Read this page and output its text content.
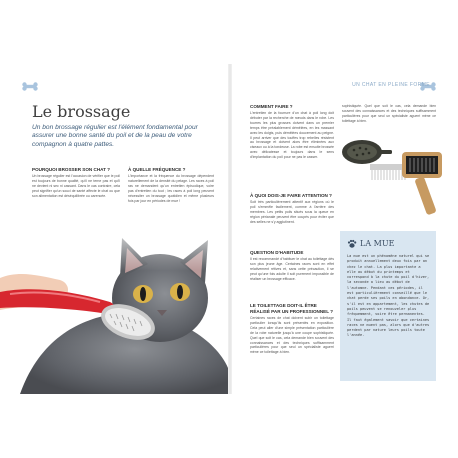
UN CHAT EN PLEINE FORME
Le brossage

Un bon brossage régulier est l'élément fondamental pour assurer une bonne santé du poil et de la peau de votre compagnon à quatre pattes.

POURQUOI BROSSER SON CHAT ?

Un brossage régulier est l'occasion de vérifier que le poil est toujours de bonne qualité, qu'il ne terne pas et qu'il ne devient ni sec ni cassant. Dans le cas contraire, cela peut signifier qu'un souci de santé affecte le chat ou que son alimentation est déséquilibrée ou carencée.

À QUELLE FRÉQUENCE ?

L'importance et la fréquence du brossage dépendent naturellement de la densité du pelage. Les races à poil ras ne demandent qu'un entretien épisodique, voire pas d'entretien du tout ; les races à poil long peuvent nécessiter un brossage quotidien et même plusieurs fois par jour en périodes de mue !

COMMENT FAIRE ?

L'entretien de la fourrure d'un chat à poil long doit débuter par la recherche de nœuds dans le robe. Les tourres les plus grosses doivent dans un premier temps être préalablement démêlées, en les massant avec les doigts, puis démêlées doucement au peigne. Il peut arriver que des touffes trop rebelles résistent au brossage et doivent alors être éliminées aux ciseaux ou à la tondeuse. La robe est ensuite brossée avec délicatesse et toujours dans le sens d'implantation du poil pour ne pas le casser.

À QUOI DOIS-JE FAIRE ATTENTION ?

Soit très particulièrement attentif aux régions où le poil s'emmêle facilement, comme à l'arrière des membres. Les petits poils situés sous la queue en région périanale peuvent être coupés pour éviter que des selles ne s'y agglutinent.

QUESTION D'HABITUDE

Il est recommandé d'habituer le chat au toilettage dès son plus jeune âge. Certaines races sont en effet relativement rétives et, sans cette précaution, il se peut qu'une fois adulte il soit purement impossible de réaliser un brossage efficace.

LE TOILETTAGE DOIT-IL ÊTRE RÉALISÉ PAR UN PROFESSIONNEL ?

Certaines races de chat doivent subir un toilettage particulier lorsqu'ils sont présentés en exposition. Cela peut aller d'une simple présentation particulière de la robe naturelle jusqu'à une coupe sophistiquée. Quel que soit le cas, cela demande bien souvent des connaissances et des techniques suffisamment particulières pour que seul un spécialiste aguerri mène ce toilettage à bien.

sophistiquée. Quel que soit le cas, cela demande bien souvent des connaissances et des techniques suffisamment particulières pour que seul un spécialiste aguerri mène ce toilettage à bien.

LA MUE

La mue est un phénomène naturel qui se produit annuellement deux fois par an chez le chat. La plus importante a elle au début du printemps et correspond à la chute du poil d'hiver, la seconde a lieu au début de l'automne. Pendant ces périodes, il est particulièrement conseillé que le chat perde ses poils en abondance. Or, s'il est en appartement, les chutes de poils peuvent se renouveler plus fréquemment, voire être permanentes. Il faut également savoir que certaines races ne muent pas, alors que d'autres perdent par nature leurs poils toute l'année.
